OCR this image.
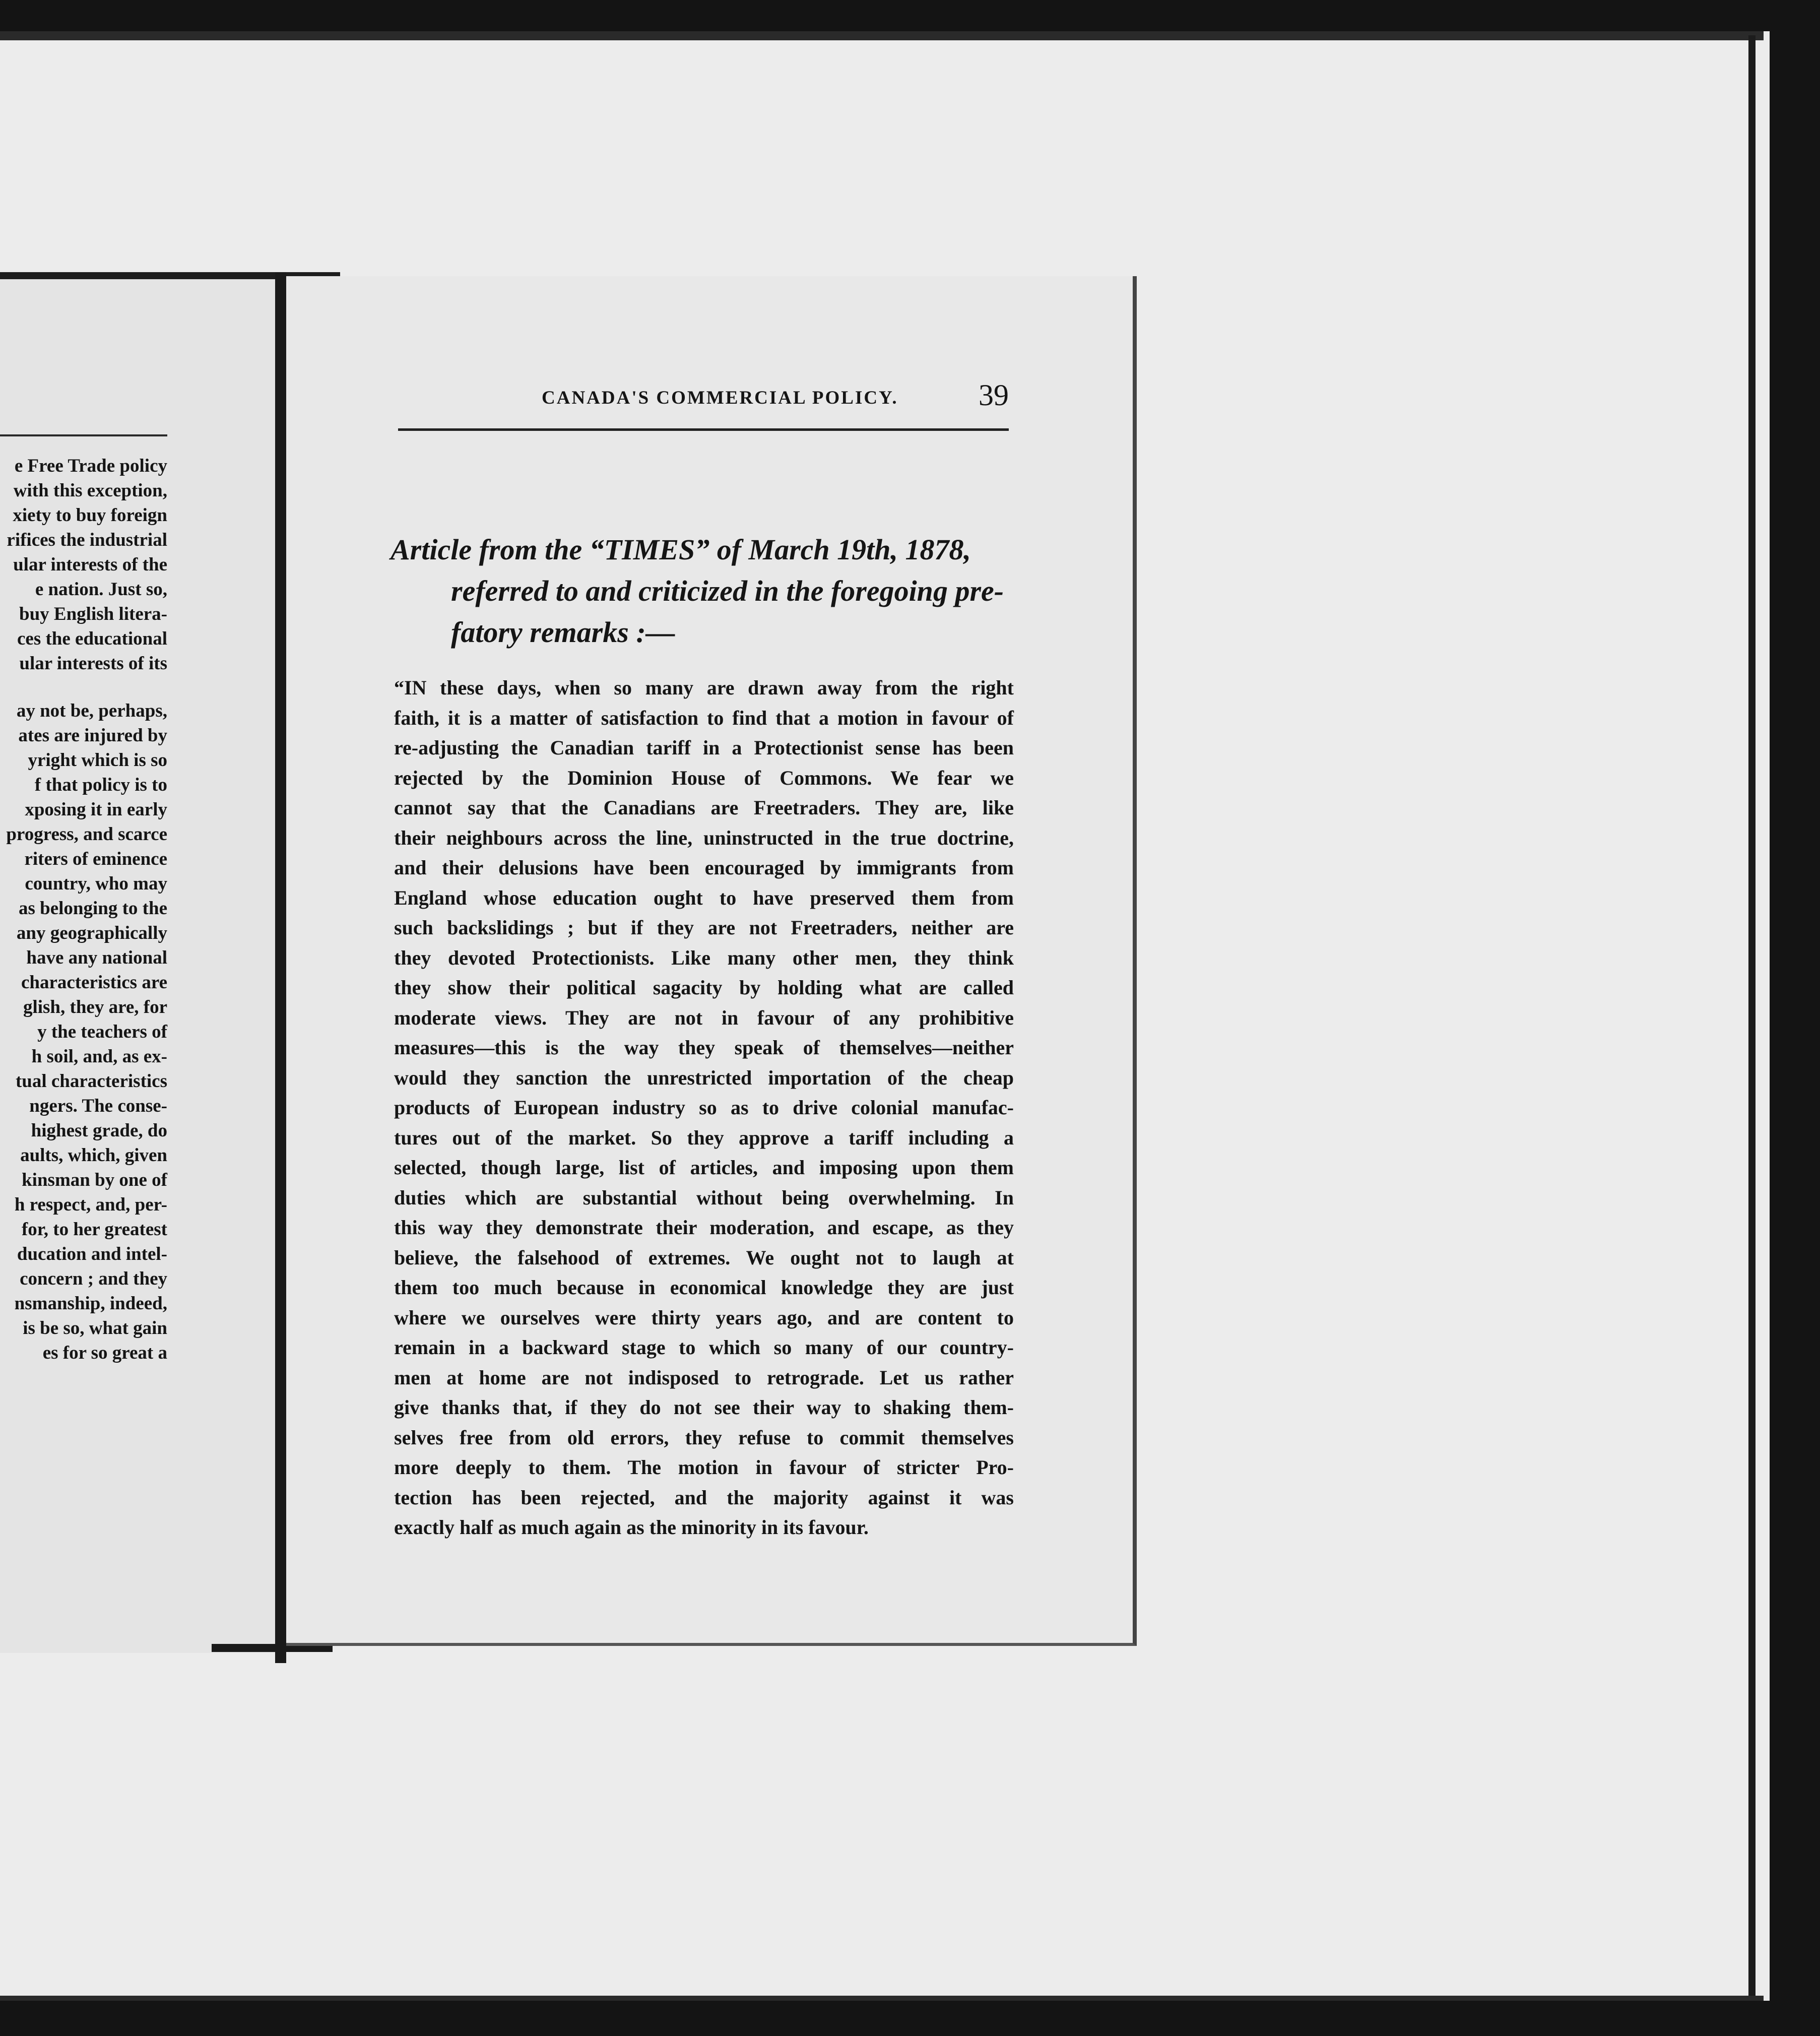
e Free Trade policy
with this exception,
xiety to buy foreign
rifices the industrial
ular interests of the
e nation. Just so,
buy English litera-
ces the educational
ular interests of its
ay not be, perhaps,
ates are injured by
yright which is so
f that policy is to
xposing it in early
progress, and scarce
riters of eminence
country, who may
as belonging to the
any geographically
have any national
characteristics are
glish, they are, for
y the teachers of
h soil, and, as ex-
tual characteristics
ngers. The conse-
highest grade, do
aults, which, given
kinsman by one of
h respect, and, per-
for, to her greatest
ducation and intel-
concern ; and they
nsmanship, indeed,
is be so, what gain
es for so great a
CANADA'S COMMERCIAL POLICY.	39
Article from the “TIMES” of March 19th, 1878,
referred to and criticized in the foregoing pre-
fatory remarks :—
“IN these days, when so many are drawn away from the right
faith, it is a matter of satisfaction to find that a motion in favour of
re-adjusting the Canadian tariff in a Protectionist sense has been
rejected by the Dominion House of Commons. We fear we
cannot say that the Canadians are Freetraders. They are, like
their neighbours across the line, uninstructed in the true doctrine,
and their delusions have been encouraged by immigrants from
England whose education ought to have preserved them from
such backslidings ; but if they are not Freetraders, neither are
they devoted Protectionists. Like many other men, they think
they show their political sagacity by holding what are called
moderate views. They are not in favour of any prohibitive
measures—this is the way they speak of themselves—neither
would they sanction the unrestricted importation of the cheap
products of European industry so as to drive colonial manufac-
tures out of the market. So they approve a tariff including a
selected, though large, list of articles, and imposing upon them
duties which are substantial without being overwhelming. In
this way they demonstrate their moderation, and escape, as they
believe, the falsehood of extremes. We ought not to laugh at
them too much because in economical knowledge they are just
where we ourselves were thirty years ago, and are content to
remain in a backward stage to which so many of our country-
men at home are not indisposed to retrograde. Let us rather
give thanks that, if they do not see their way to shaking them-
selves free from old errors, they refuse to commit themselves
more deeply to them. The motion in favour of stricter Pro-
tection has been rejected, and the majority against it was
exactly half as much again as the minority in its favour.
